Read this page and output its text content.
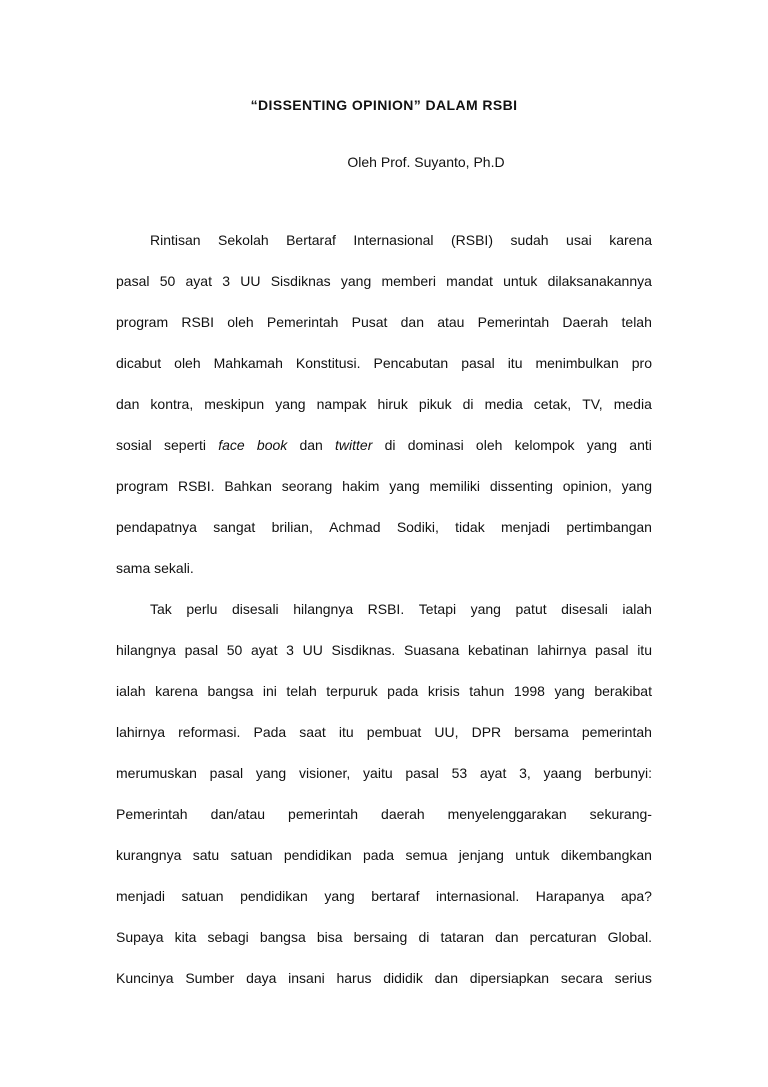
“DISSENTING OPINION” DALAM RSBI
Oleh Prof. Suyanto, Ph.D
Rintisan Sekolah Bertaraf Internasional (RSBI) sudah usai karena
pasal 50 ayat 3 UU Sisdiknas yang memberi mandat untuk dilaksanakannya
program RSBI oleh Pemerintah Pusat dan atau Pemerintah Daerah telah
dicabut oleh Mahkamah Konstitusi. Pencabutan pasal itu menimbulkan pro
dan kontra, meskipun yang nampak hiruk pikuk di media cetak, TV, media
sosial seperti face book dan twitter di dominasi oleh kelompok yang anti
program RSBI. Bahkan seorang hakim yang memiliki dissenting opinion, yang
pendapatnya sangat brilian, Achmad Sodiki, tidak menjadi pertimbangan
sama sekali.
Tak perlu disesali hilangnya RSBI. Tetapi yang patut disesali ialah
hilangnya pasal 50 ayat 3 UU Sisdiknas. Suasana kebatinan lahirnya pasal itu
ialah karena bangsa ini telah terpuruk pada krisis tahun 1998 yang berakibat
lahirnya reformasi. Pada saat itu pembuat UU, DPR bersama pemerintah
merumuskan pasal yang visioner, yaitu pasal 53 ayat 3, yaang berbunyi:
Pemerintah dan/atau pemerintah daerah menyelenggarakan sekurang-
kurangnya satu satuan pendidikan pada semua jenjang untuk dikembangkan
menjadi satuan pendidikan yang bertaraf internasional. Harapanya apa?
Supaya kita sebagi bangsa bisa bersaing di tataran dan percaturan Global.
Kuncinya Sumber daya insani harus dididik dan dipersiapkan secara serius
